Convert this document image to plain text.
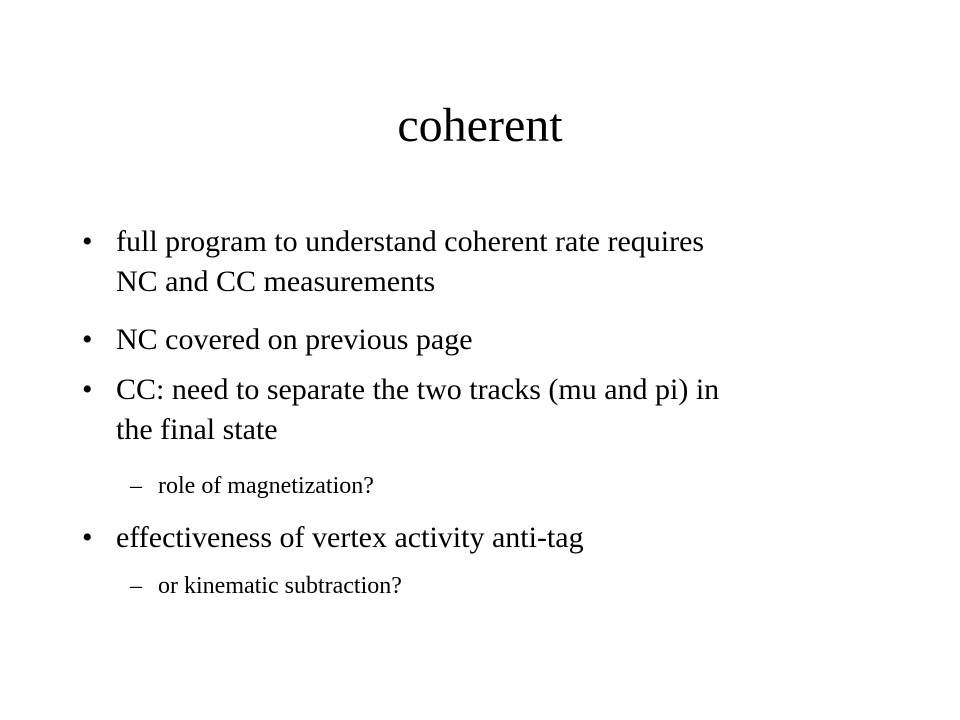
coherent
• full program to understand coherent rate requires
NC and CC measurements
• NC covered on previous page
• CC: need to separate the two tracks (mu and pi) in
the final state
– role of magnetization?
• effectiveness of vertex activity anti-tag
– or kinematic subtraction?
